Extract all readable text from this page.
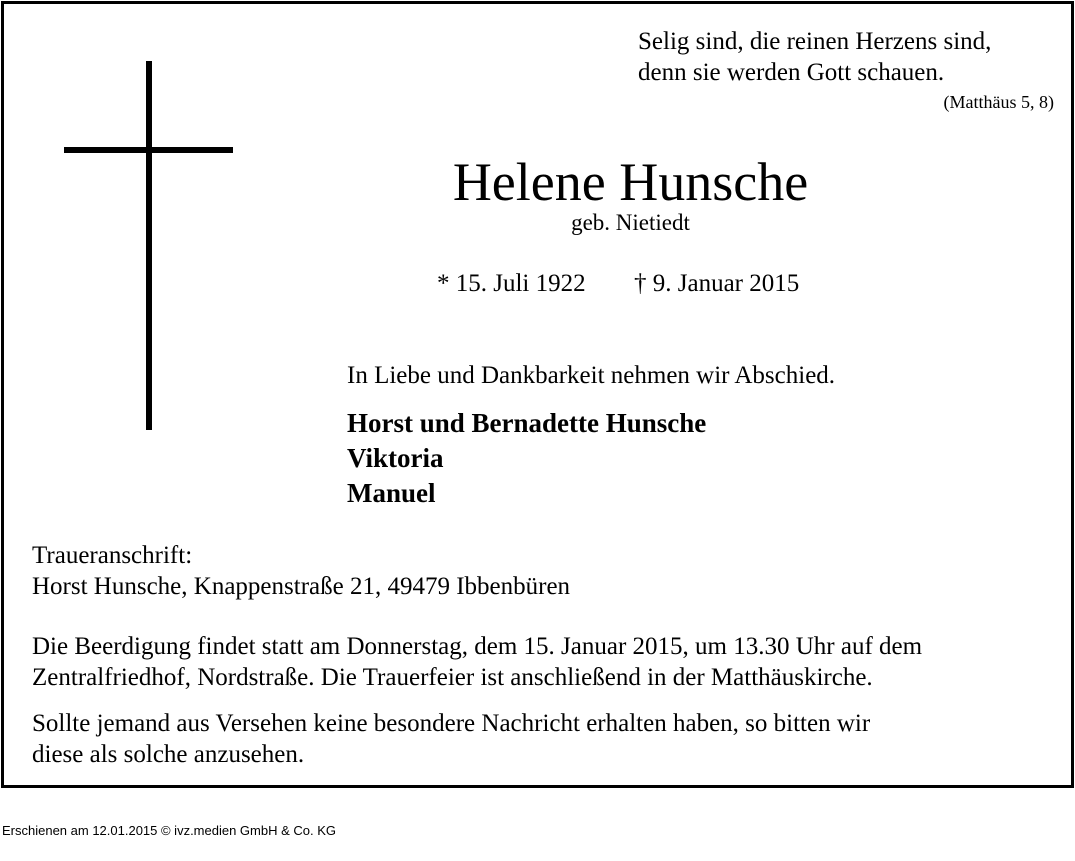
Selig sind, die reinen Herzens sind,
denn sie werden Gott schauen.
(Matthäus 5, 8)
Helene Hunsche
geb. Nietiedt
* 15. Juli 1922 † 9. Januar 2015
In Liebe und Dankbarkeit nehmen wir Abschied.
Horst und Bernadette Hunsche
Viktoria
Manuel
Traueranschrift:
Horst Hunsche, Knappenstraße 21, 49479 Ibbenbüren
Die Beerdigung findet statt am Donnerstag, dem 15. Januar 2015, um 13.30 Uhr auf dem
Zentralfriedhof, Nordstraße. Die Trauerfeier ist anschließend in der Matthäuskirche.
Sollte jemand aus Versehen keine besondere Nachricht erhalten haben, so bitten wir
diese als solche anzusehen.
Erschienen am 12.01.2015 © ivz.medien GmbH & Co. KG
